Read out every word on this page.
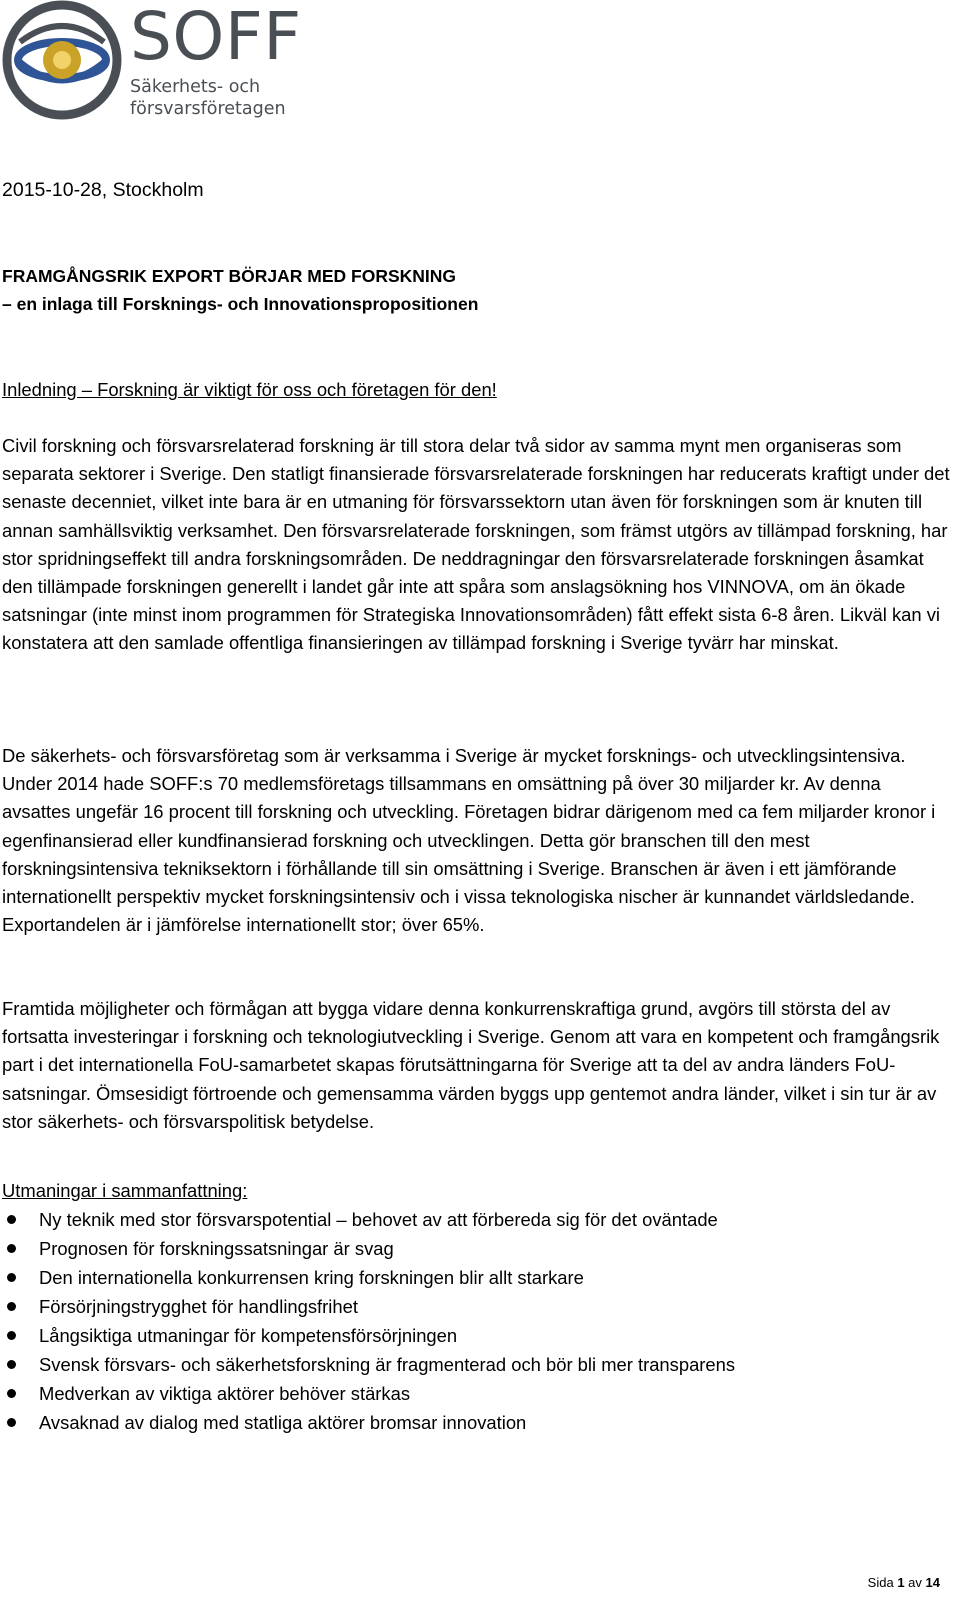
SOFF
Säkerhets- och
försvarsföretagen
2015-10-28, Stockholm
FRAMGÅNGSRIK EXPORT BÖRJAR MED FORSKNING
– en inlaga till Forsknings- och Innovationspropositionen
Inledning – Forskning är viktigt för oss och företagen för den!
Civil forskning och försvarsrelaterad forskning är till stora delar två sidor av samma mynt men organiseras som separata sektorer i Sverige. Den statligt finansierade försvarsrelaterade forskningen har reducerats kraftigt under det senaste decenniet, vilket inte bara är en utmaning för försvarssektorn utan även för forskningen som är knuten till annan samhällsviktig verksamhet. Den försvarsrelaterade forskningen, som främst utgörs av tillämpad forskning, har stor spridningseffekt till andra forskningsområden. De neddragningar den försvarsrelaterade forskningen åsamkat den tillämpade forskningen generellt i landet går inte att spåra som anslagsökning hos VINNOVA, om än ökade satsningar (inte minst inom programmen för Strategiska Innovationsområden) fått effekt sista 6-8 åren. Likväl kan vi konstatera att den samlade offentliga finansieringen av tillämpad forskning i Sverige tyvärr har minskat.
De säkerhets- och försvarsföretag som är verksamma i Sverige är mycket forsknings- och utvecklingsintensiva. Under 2014 hade SOFF:s 70 medlemsföretags tillsammans en omsättning på över 30 miljarder kr. Av denna avsattes ungefär 16 procent till forskning och utveckling. Företagen bidrar därigenom med ca fem miljarder kronor i egenfinansierad eller kundfinansierad forskning och utvecklingen. Detta gör branschen till den mest forskningsintensiva tekniksektorn i förhållande till sin omsättning i Sverige. Branschen är även i ett jämförande internationellt perspektiv mycket forskningsintensiv och i vissa teknologiska nischer är kunnandet världsledande. Exportandelen är i jämförelse internationellt stor; över 65%.
Framtida möjligheter och förmågan att bygga vidare denna konkurrenskraftiga grund, avgörs till största del av fortsatta investeringar i forskning och teknologiutveckling i Sverige. Genom att vara en kompetent och framgångsrik part i det internationella FoU-samarbetet skapas förutsättningarna för Sverige att ta del av andra länders FoU-satsningar. Ömsesidigt förtroende och gemensamma värden byggs upp gentemot andra länder, vilket i sin tur är av stor säkerhets- och försvarspolitisk betydelse.
Utmaningar i sammanfattning:
Ny teknik med stor försvarspotential – behovet av att förbereda sig för det oväntade
Prognosen för forskningssatsningar är svag
Den internationella konkurrensen kring forskningen blir allt starkare
Försörjningstrygghet för handlingsfrihet
Långsiktiga utmaningar för kompetensförsörjningen
Svensk försvars- och säkerhetsforskning är fragmenterad och bör bli mer transparens
Medverkan av viktiga aktörer behöver stärkas
Avsaknad av dialog med statliga aktörer bromsar innovation
Sida 1 av 14
